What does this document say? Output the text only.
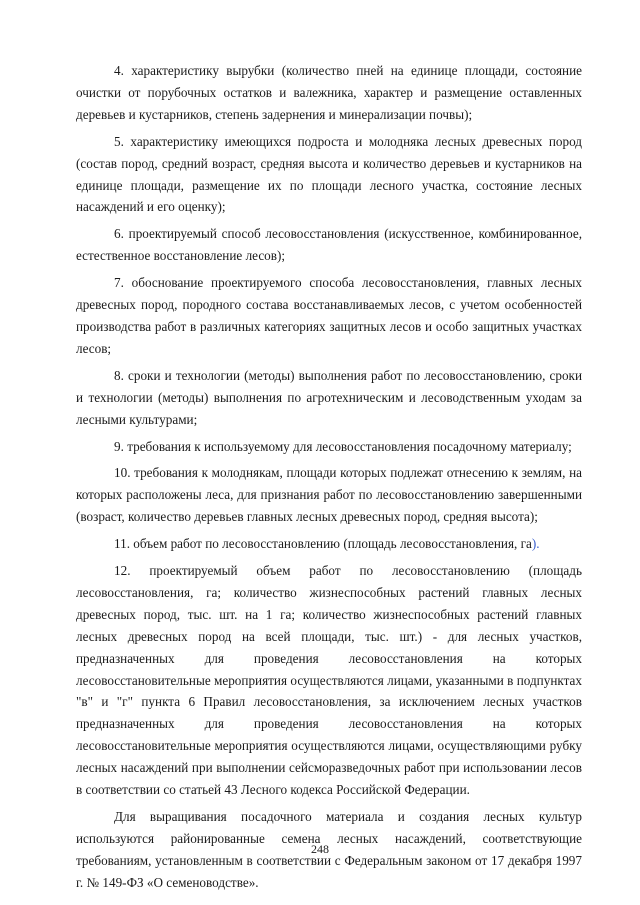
4. характеристику вырубки (количество пней на единице площади, состояние очистки от порубочных остатков и валежника, характер и размещение оставленных деревьев и кустарников, степень задернения и минерализации почвы);

5. характеристику имеющихся подроста и молодняка лесных древесных пород (состав пород, средний возраст, средняя высота и количество деревьев и кустарников на единице площади, размещение их по площади лесного участка, состояние лесных насаждений и его оценку);

6. проектируемый способ лесовосстановления (искусственное, комбинированное, естественное восстановление лесов);

7. обоснование проектируемого способа лесовосстановления, главных лесных древесных пород, породного состава восстанавливаемых лесов, с учетом особенностей производства работ в различных категориях защитных лесов и особо защитных участках лесов;

8. сроки и технологии (методы) выполнения работ по лесовосстановлению, сроки и технологии (методы) выполнения по агротехническим и лесоводственным уходам за лесными культурами;

9. требования к используемому для лесовосстановления посадочному материалу;

10. требования к молоднякам, площади которых подлежат отнесению к землям, на которых расположены леса, для признания работ по лесовосстановлению завершенными (возраст, количество деревьев главных лесных древесных пород, средняя высота);

11. объем работ по лесовосстановлению (площадь лесовосстановления, га).

12. проектируемый объем работ по лесовосстановлению (площадь лесовосстановления, га; количество жизнеспособных растений главных лесных древесных пород, тыс. шт. на 1 га; количество жизнеспособных растений главных лесных древесных пород на всей площади, тыс. шт.) - для лесных участков, предназначенных для проведения лесовосстановления на которых лесовосстановительные мероприятия осуществляются лицами, указанными в подпунктах "в" и "г" пункта 6 Правил лесовосстановления, за исключением лесных участков предназначенных для проведения лесовосстановления на которых лесовосстановительные мероприятия осуществляются лицами, осуществляющими рубку лесных насаждений при выполнении сейсморазведочных работ при использовании лесов в соответствии со статьей 43 Лесного кодекса Российской Федерации.

Для выращивания посадочного материала и создания лесных культур используются районированные семена лесных насаждений, соответствующие требованиям, установленным в соответствии с Федеральным законом от 17 декабря 1997 г. № 149-ФЗ «О семеноводстве».

248
